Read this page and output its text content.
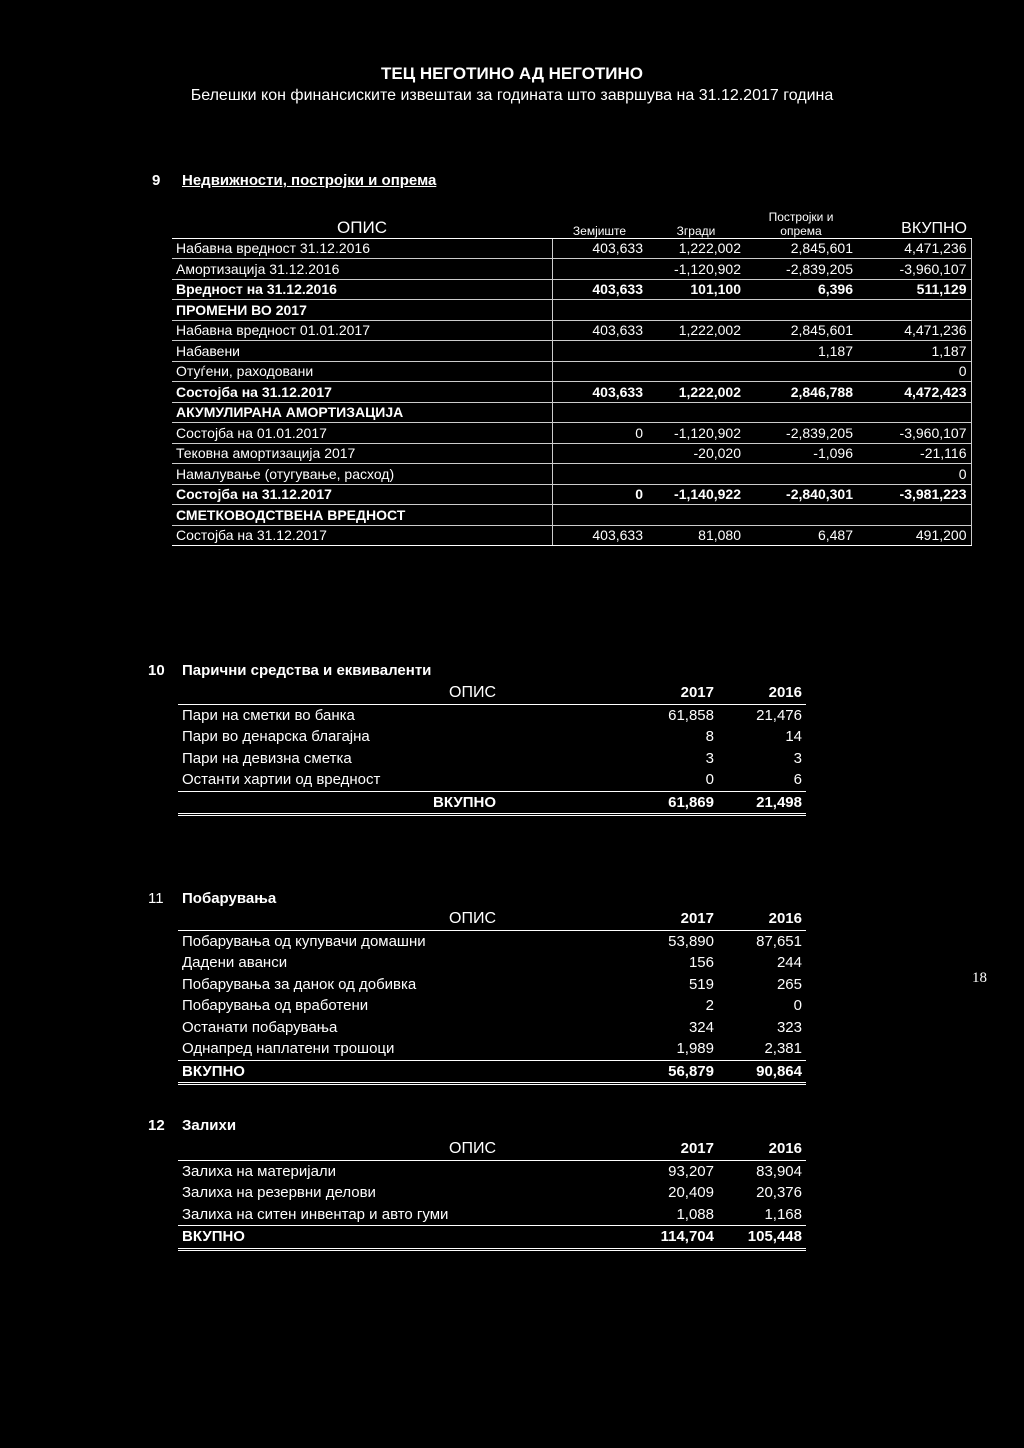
ТЕЦ НЕГОТИНО АД НЕГОТИНО
Белешки кон финансиските извештаи за годината што завршува на 31.12.2017 година
9 Недвижности, постројки и опрема
ОПИС	Земјиште	Згради	Постројки и опрема	ВКУПНО
Набавна вредност 31.12.2016	403,633	1,222,002	2,845,601	4,471,236
Амортизација 31.12.2016		-1,120,902	-2,839,205	-3,960,107
Вредност на 31.12.2016	403,633	101,100	6,396	511,129
ПРОМЕНИ ВО 2017				
Набавна вредност 01.01.2017	403,633	1,222,002	2,845,601	4,471,236
Набавени			1,187	1,187
Отуѓени, раходовани				0
Состојба на 31.12.2017	403,633	1,222,002	2,846,788	4,472,423
АКУМУЛИРАНА АМОРТИЗАЦИЈА				
Состојба на 01.01.2017	0	-1,120,902	-2,839,205	-3,960,107
Тековна амортизација 2017		-20,020	-1,096	-21,116
Намалување (отугување, расход)				0
Состојба на 31.12.2017	0	-1,140,922	-2,840,301	-3,981,223
СМЕТКОВОДСТВЕНА ВРЕДНОСТ				
Состојба на 31.12.2017	403,633	81,080	6,487	491,200
10 Парични средства и еквиваленти
ОПИС	2017	2016
Пари на сметки во банка	61,858	21,476
Пари во денарска благајна	8	14
Пари на девизна сметка	3	3
Останти хартии од вредност	0	6
ВКУПНО	61,869	21,498
11 Побарувања
ОПИС	2017	2016
Побарувања од купувачи домашни	53,890	87,651
Дадени аванси	156	244
Побарувања за данок од добивка	519	265
Побарувања од вработени	2	0
Останати побарувања	324	323
Однапред наплатени трошоци	1,989	2,381
ВКУПНО	56,879	90,864
12 Залихи
ОПИС	2017	2016
Залиха на материјали	93,207	83,904
Залиха на резервни делови	20,409	20,376
Залиха на ситен инвентар и авто гуми	1,088	1,168
ВКУПНО	114,704	105,448
18
